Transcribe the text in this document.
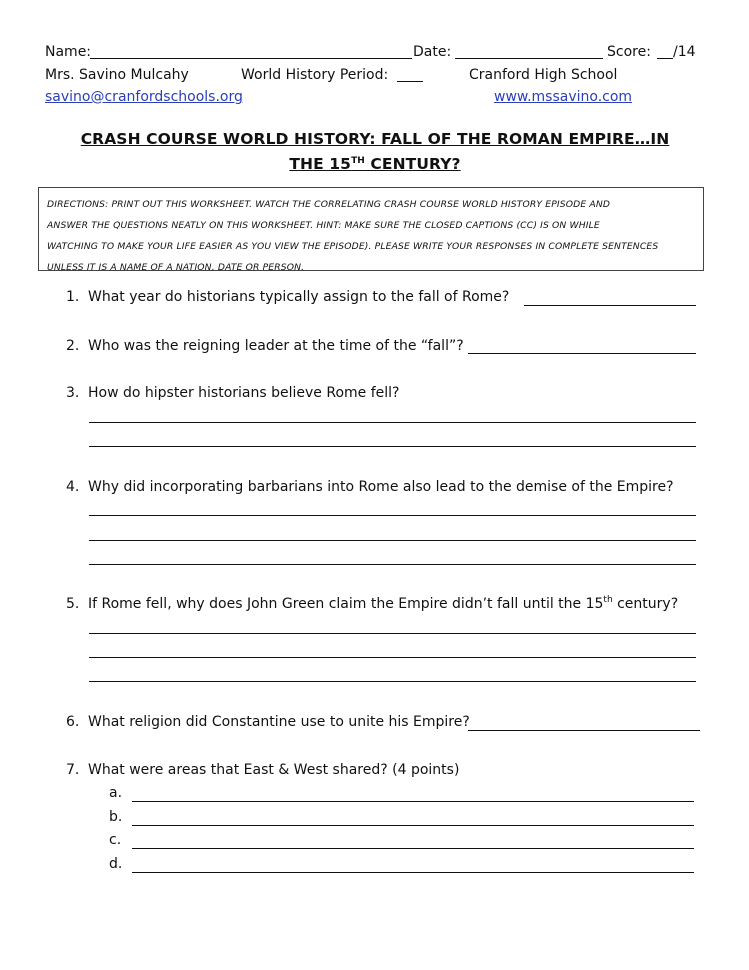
Name:	Date:	Score: /14
Mrs. Savino Mulcahy	World History Period:	Cranford High School
savino@cranfordschools.org	www.mssavino.com
CRASH COURSE WORLD HISTORY: FALL OF THE ROMAN EMPIRE…IN
THE 15TH CENTURY?
DIRECTIONS: PRINT OUT THIS WORKSHEET. WATCH THE CORRELATING CRASH COURSE WORLD HISTORY EPISODE AND
ANSWER THE QUESTIONS NEATLY ON THIS WORKSHEET. HINT: MAKE SURE THE CLOSED CAPTIONS (CC) IS ON WHILE
WATCHING TO MAKE YOUR LIFE EASIER AS YOU VIEW THE EPISODE). PLEASE WRITE YOUR RESPONSES IN COMPLETE SENTENCES
UNLESS IT IS A NAME OF A NATION, DATE OR PERSON.
1. What year do historians typically assign to the fall of Rome?
2. Who was the reigning leader at the time of the “fall”?
3. How do hipster historians believe Rome fell?
4. Why did incorporating barbarians into Rome also lead to the demise of the Empire?
5. If Rome fell, why does John Green claim the Empire didn’t fall until the 15th century?
6. What religion did Constantine use to unite his Empire?
7. What were areas that East & West shared? (4 points)
a.
b.
c.
d.
